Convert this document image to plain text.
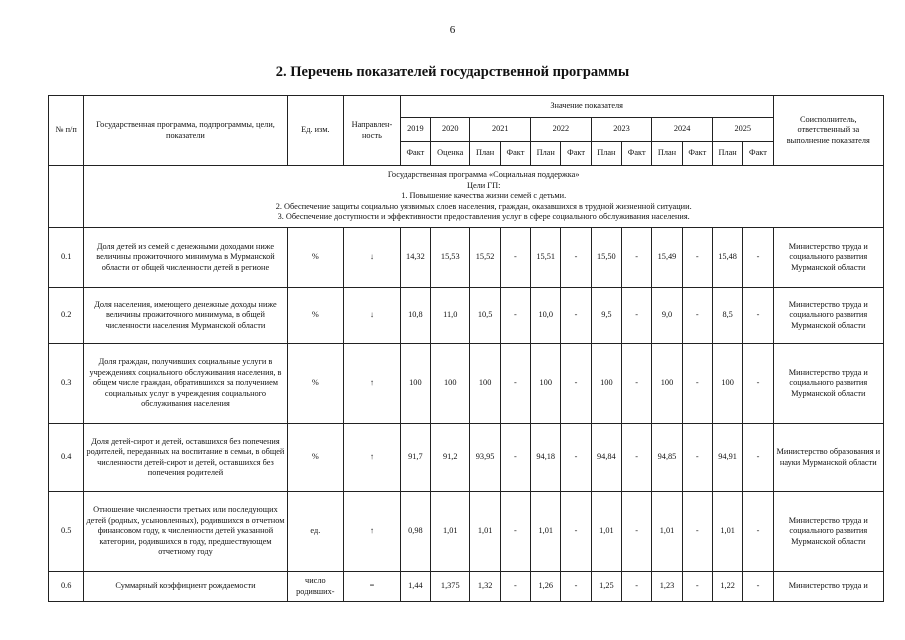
6
2. Перечень показателей государственной программы
№ п/п	Государственная программа, подпрограммы, цели, показатели	Ед. изм.	Направлен-ность	Значение показателя												Соисполнитель, ответственный за выполнение показателя
				2019	2020	2021		2022		2023		2024		2025		
				Факт	Оценка	План	Факт	План	Факт	План	Факт	План	Факт	План	Факт	

	Государственная программа «Социальная поддержка»
Цели ГП:
1. Повышение качества жизни семей с детьми.
2. Обеспечение защиты социально уязвимых слоев населения, граждан, оказавшихся в трудной жизненной ситуации.
3. Обеспечение доступности и эффективности предоставления услуг в сфере социального обслуживания населения.															

0.1	Доля детей из семей с денежными доходами ниже величины прожиточного минимума в Мурманской области от общей численности детей в регионе	%	↓	14,32	15,53	15,52	-	15,51	-	15,50	-	15,49	-	15,48	-	Министерство труда и социального развития Мурманской области
0.2	Доля населения, имеющего денежные доходы ниже величины прожиточного минимума, в общей численности населения Мурманской области	%	↓	10,8	11,0	10,5	-	10,0	-	9,5	-	9,0	-	8,5	-	Министерство труда и социального развития Мурманской области
0.3	Доля граждан, получивших социальные услуги в учреждениях социального обслуживания населения, в общем числе граждан, обратившихся за получением социальных услуг в учреждения социального обслуживания населения	%	↑	100	100	100	-	100	-	100	-	100	-	100	-	Министерство труда и социального развития Мурманской области
0.4	Доля детей-сирот и детей, оставшихся без попечения родителей, переданных на воспитание в семьи, в общей численности детей-сирот и детей, оставшихся без попечения родителей	%	↑	91,7	91,2	93,95	-	94,18	-	94,84	-	94,85	-	94,91	-	Министерство образования и науки Мурманской области
0.5	Отношение численности третьих или последующих детей (родных, усыновленных), родившихся в отчетном финансовом году, к численности детей указанной категории, родившихся в году, предшествующем отчетному году	ед.	↑	0,98	1,01	1,01	-	1,01	-	1,01	-	1,01	-	1,01	-	Министерство труда и социального развития Мурманской области
0.6	Суммарный коэффициент рождаемости	число родивших-	=	1,44	1,375	1,32	-	1,26	-	1,25	-	1,23	-	1,22	-	Министерство труда и
